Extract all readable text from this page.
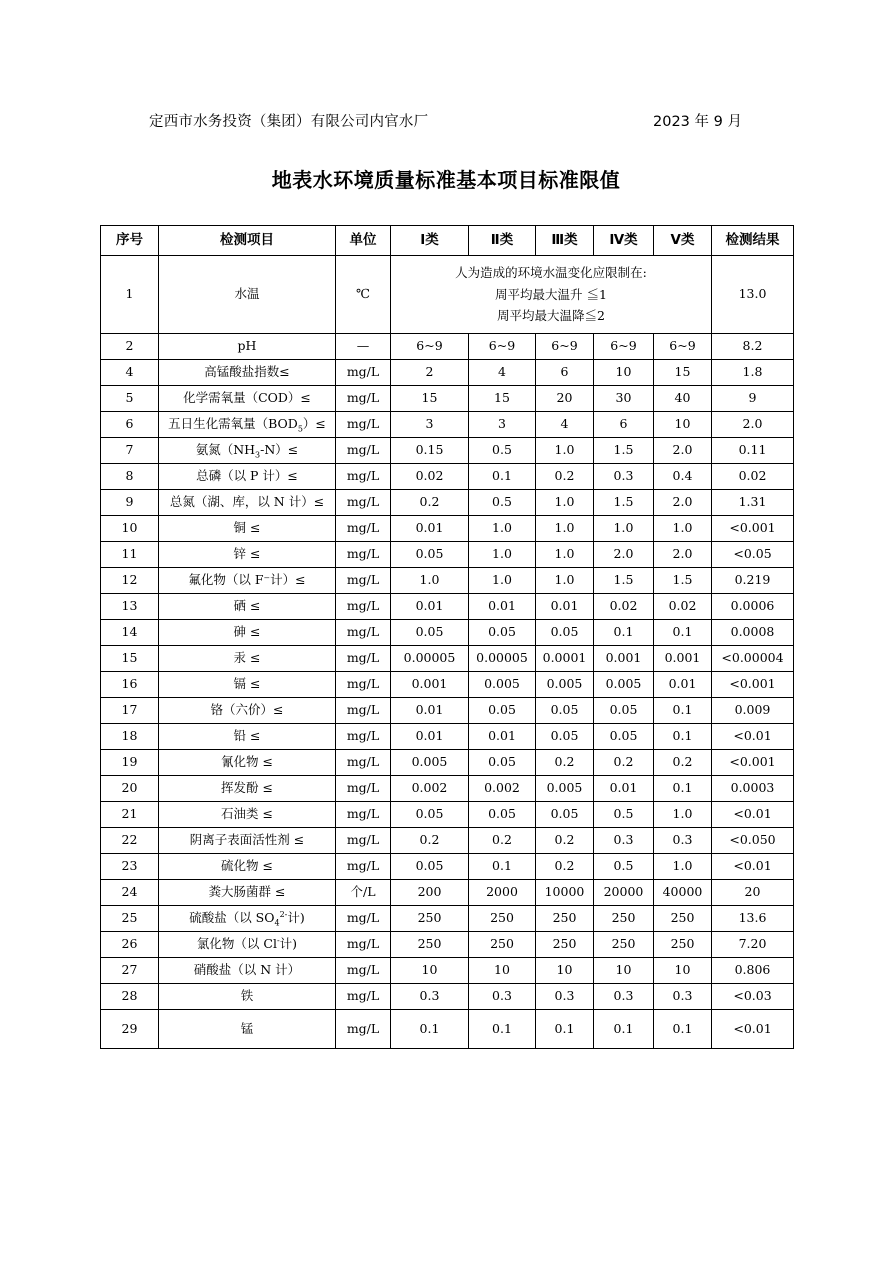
定西市水务投资（集团）有限公司内官水厂	2023 年 9 月
地表水环境质量标准基本项目标准限值
序号	检测项目	单位	Ⅰ类	Ⅱ类	Ⅲ类	Ⅳ类	Ⅴ类	检测结果
1	水温	℃	人为造成的环境水温变化应限制在:
周平均最大温升 ≦1
周平均最大温降≦2					13.0
2	pH	—	6~9	6~9	6~9	6~9	6~9	8.2
4	高锰酸盐指数≤	mg/L	2	4	6	10	15	1.8
5	化学需氧量（COD）≤	mg/L	15	15	20	30	40	9
6	五日生化需氧量$(BOD_5)\le$	mg/L	3	3	4	6	10	2.0
7	氨氮$(NH_3-N)\le$	mg/L	0.15	0.5	1.0	1.5	2.0	0.11
8	总磷（以 P 计）≤	mg/L	0.02	0.1	0.2	0.3	0.4	0.02
9	总氮（湖、库，以 N 计）≤	mg/L	0.2	0.5	1.0	1.5	2.0	1.31
10	铜 ≤	mg/L	0.01	1.0	1.0	1.0	1.0	<0.001
11	锌 ≤	mg/L	0.05	1.0	1.0	2.0	2.0	<0.05
12	氟化物（以 F⁻计）≤	mg/L	1.0	1.0	1.0	1.5	1.5	0.219
13	硒 ≤	mg/L	0.01	0.01	0.01	0.02	0.02	0.0006
14	砷 ≤	mg/L	0.05	0.05	0.05	0.1	0.1	0.0008
15	汞 ≤	mg/L	0.00005	0.00005	0.0001	0.001	0.001	<0.00004
16	镉 ≤	mg/L	0.001	0.005	0.005	0.005	0.01	<0.001
17	铬（六价）≤	mg/L	0.01	0.05	0.05	0.05	0.1	0.009
18	铅 ≤	mg/L	0.01	0.01	0.05	0.05	0.1	<0.01
19	氰化物 ≤	mg/L	0.005	0.05	0.2	0.2	0.2	<0.001
20	挥发酚 ≤	mg/L	0.002	0.002	0.005	0.01	0.1	0.0003
21	石油类 ≤	mg/L	0.05	0.05	0.05	0.5	1.0	<0.01
22	阴离子表面活性剂 ≤	mg/L	0.2	0.2	0.2	0.3	0.3	<0.050
23	硫化物 ≤	mg/L	0.05	0.1	0.2	0.5	1.0	<0.01
24	粪大肠菌群 ≤	个/L	200	2000	10000	20000	40000	20
25	硫酸盐（以 $SO_4^{2-}$计)	mg/L	250	250	250	250	250	13.6
26	氯化物（以 Cl-计)	mg/L	250	250	250	250	250	7.20
27	硝酸盐（以 N 计）	mg/L	10	10	10	10	10	0.806
28	铁	mg/L	0.3	0.3	0.3	0.3	0.3	<0.03
29	锰	mg/L	0.1	0.1	0.1	0.1	0.1	<0.01
